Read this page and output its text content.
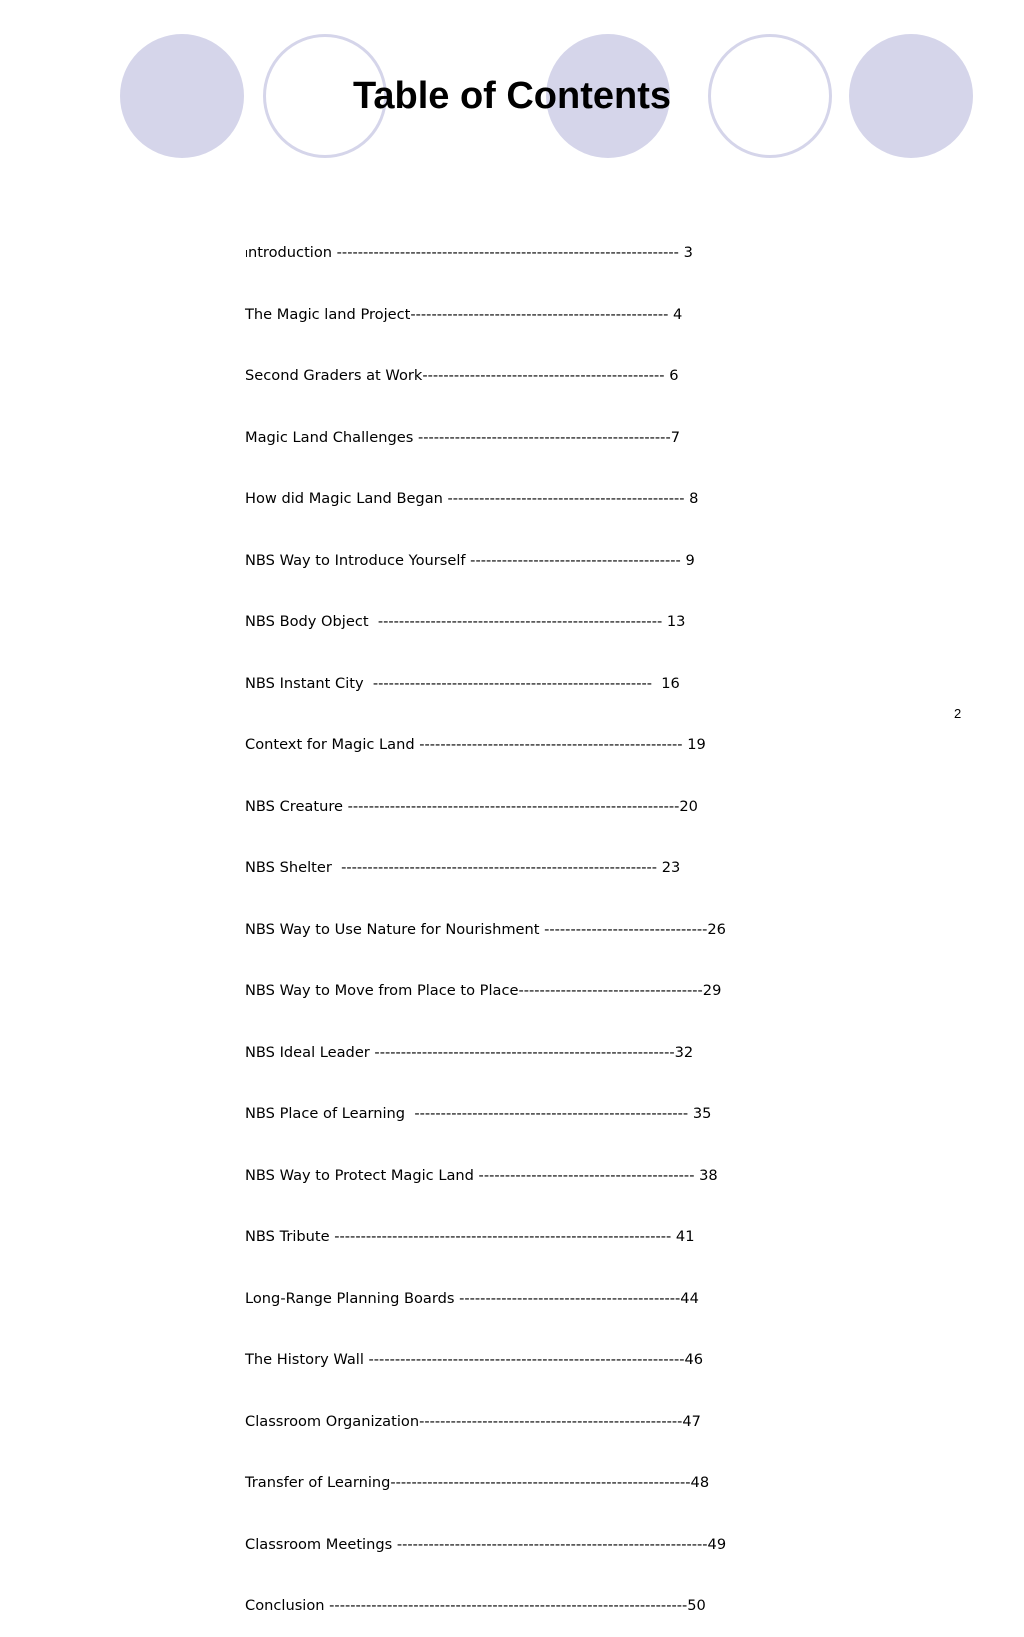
Table of Contents

Introduction ----------------------------------------------------------------- 3

The Magic land Project------------------------------------------------- 4

Second Graders at Work---------------------------------------------- 6

Magic Land Challenges ------------------------------------------------7

How did Magic Land Began --------------------------------------------- 8

NBS Way to Introduce Yourself ---------------------------------------- 9

NBS Body Object  ------------------------------------------------------ 13

NBS Instant City  -----------------------------------------------------  16

Context for Magic Land -------------------------------------------------- 19

NBS Creature ---------------------------------------------------------------20

NBS Shelter  ------------------------------------------------------------ 23

NBS Way to Use Nature for Nourishment -------------------------------26

NBS Way to Move from Place to Place-----------------------------------29

NBS Ideal Leader ---------------------------------------------------------32

NBS Place of Learning  ---------------------------------------------------- 35

NBS Way to Protect Magic Land ----------------------------------------- 38

NBS Tribute ---------------------------------------------------------------- 41

Long-Range Planning Boards ------------------------------------------44

The History Wall ------------------------------------------------------------46

Classroom Organization--------------------------------------------------47

Transfer of Learning---------------------------------------------------------48

Classroom Meetings -----------------------------------------------------------49

Conclusion --------------------------------------------------------------------50

2
